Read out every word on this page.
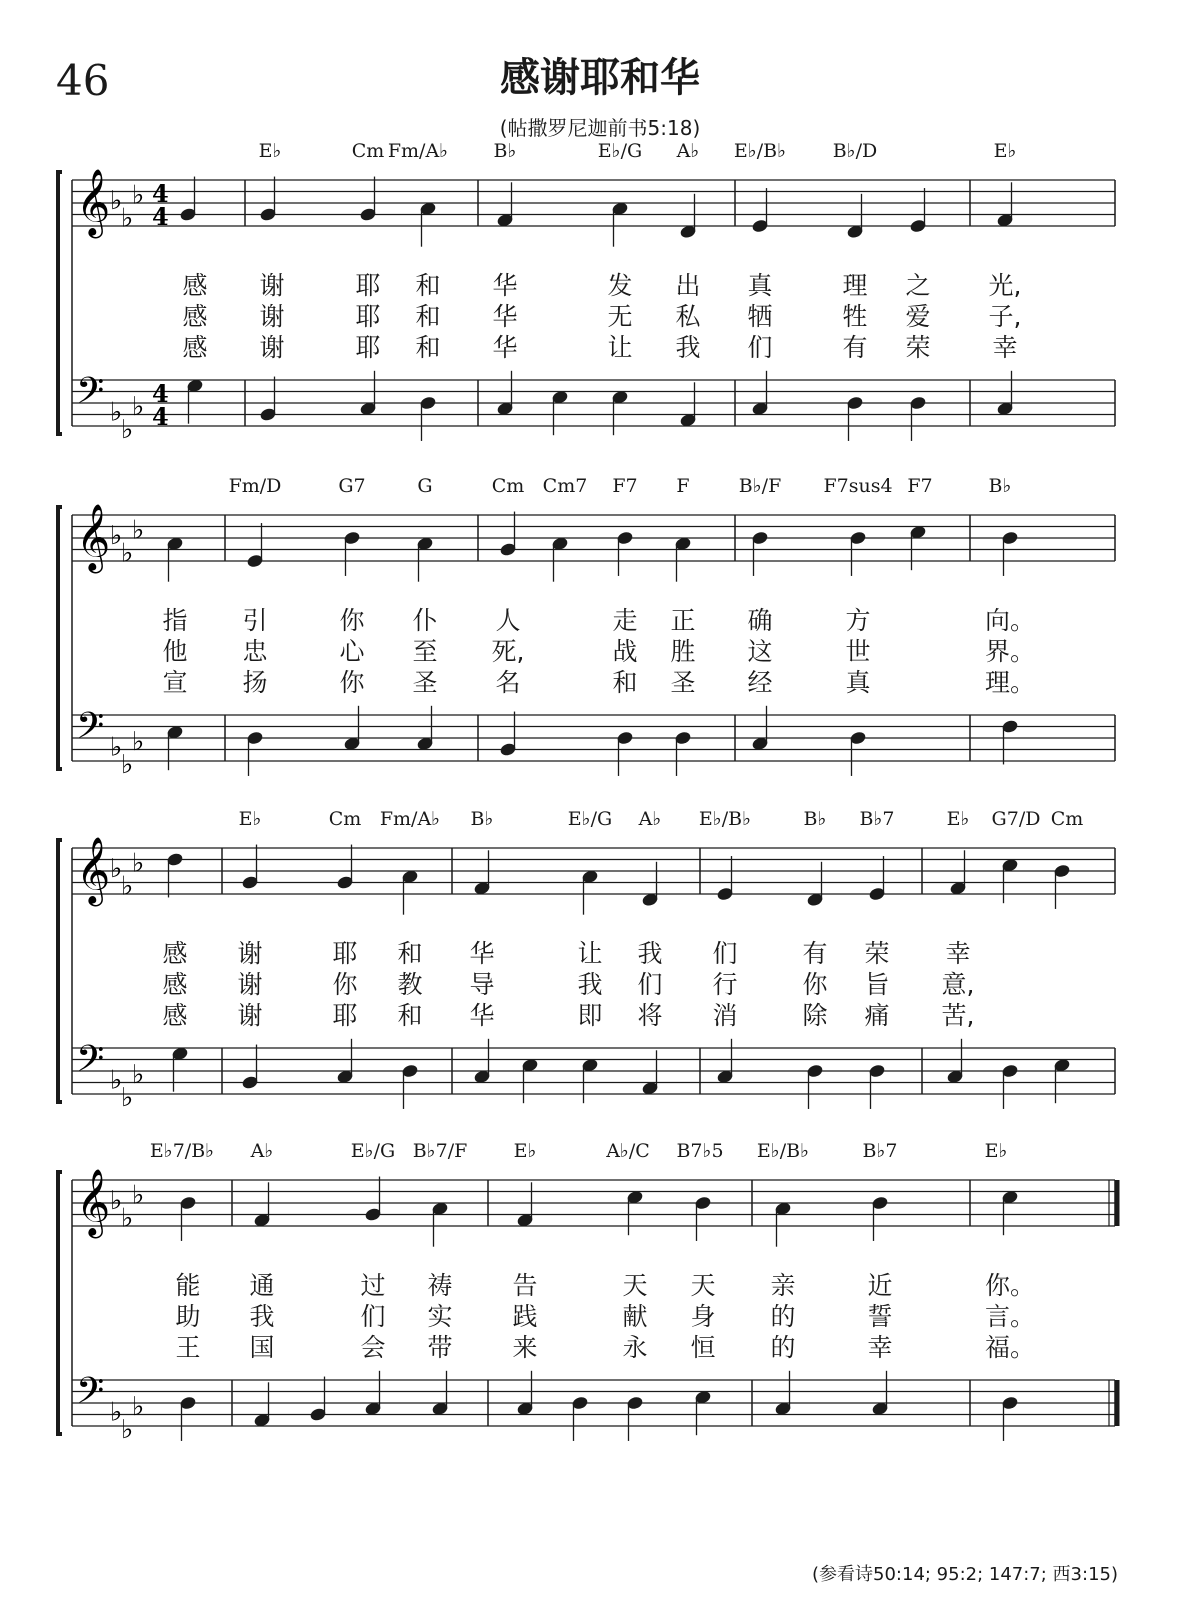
46	感谢耶和华
(帖撒罗尼迦前书5:18)
E♭	Cm Fm/A♭ B♭	E♭/G A♭ E♭/B♭ B♭/D	E♭
𝄞
𝄢
♭
♭
♭
♭
♭
♭
4
4
4
4
感 谢	耶 和 华	发 出 真	理 之 光,
感 谢	耶 和 华	无 私 牺	牲 爱 子,
感 谢	耶 和 华	让 我 们	有 荣 幸
Fm/D	G7	G	Cm Cm7 F7 F	B♭/F F7sus4 F7	B♭
𝄞
𝄢
♭
♭
♭
♭
♭
♭
指 引	你 仆 人	走 正 确	方	向。
他 忠	心 至 死,	战 胜 这	世	界。
宣 扬	你 圣 名	和 圣 经	真	理。
E♭	Cm Fm/A♭ B♭	E♭/G A♭ E♭/B♭	B♭ B♭7	E♭ G7/D Cm
𝄞
𝄢
♭
♭
♭
♭
♭
♭
感 谢	耶 和 华	让 我 们	有 荣 幸
感 谢	你 教 导	我 们 行	你 旨 意,
感 谢	耶 和 华	即 将 消	除 痛 苦,
E♭7/B♭ A♭	E♭/G B♭7/F E♭	A♭/C B7♭5 E♭/B♭	B♭7	E♭
𝄞
𝄢
♭
♭
♭
♭
♭
♭
能 通	过 祷 告	天 天 亲	近	你。
助 我	们 实 践	献 身 的	誓	言。
王 国	会 带 来	永 恒 的	幸	福。
(参看诗50:14; 95:2; 147:7; 西3:15)
